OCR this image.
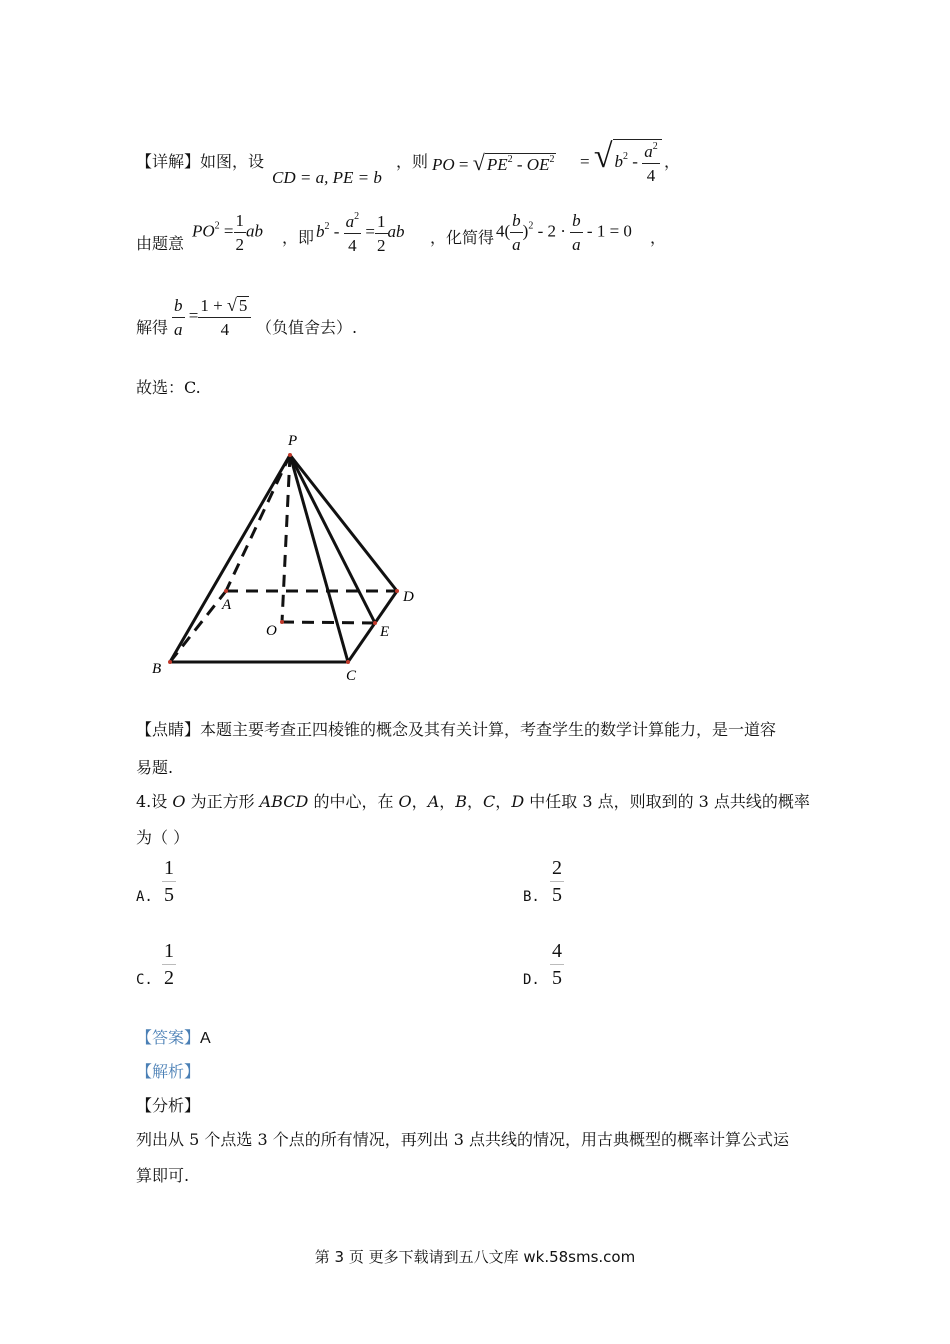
【详解】如图，设
CD = a, PE = b
，则 PO = √ $PE^2 - OE^2$ = √ $b^2 - \frac{a^2}{4}$ ，
由题意
$PO^2 = \frac{1}{2}$ ab ，即 $b^2 - \frac{a^2}{4} = \frac{1}{2}$ ab ，化简得 $4( \frac{b}{a} )^2 - 2 \cdot \frac{b}{a} - 1 = 0$ ，
解得 $\frac{b}{a} = \frac{1 + √ 5}{4}$ （负值舍去）.
故选：C.
P
A	D
O	E
B	C
【点睛】本题主要考查正四棱锥的概念及其有关计算，考查学生的数学计算能力，是一道容
易题.
4.设 O 为正方形 ABCD 的中心，在 O，A，B，C，D 中任取 3 点，则取到的 3 点共线的概率
为（ ）
A. $\frac{1}{5}$	B. $\frac{2}{5}$
C. $\frac{1}{2}$	D. $\frac{4}{5}$
【答案】A
【解析】
【分析】
列出从 5 个点选 3 个点的所有情况，再列出 3 点共线的情况，用古典概型的概率计算公式运
算即可.
第 3 页 更多下载请到五八文库 wk.58sms.com
